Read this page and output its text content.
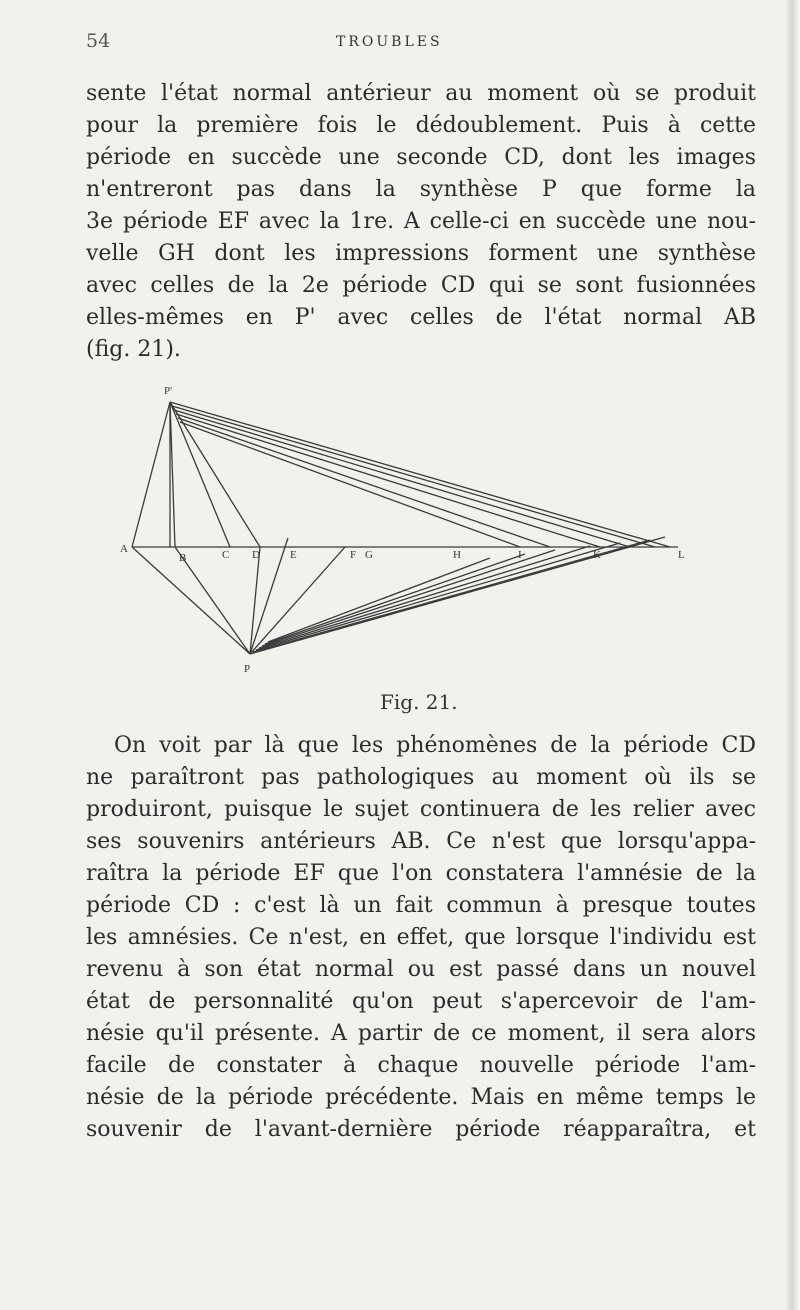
54	TROUBLES
sente l'état normal antérieur au moment où se produit
pour la première fois le dédoublement. Puis à cette
période en succède une seconde CD, dont les images
n'entreront pas dans la synthèse P que forme la
3e période EF avec la 1re. A celle-ci en succède une nou-
velle GH dont les impressions forment une synthèse
avec celles de la 2e période CD qui se sont fusionnées
elles-mêmes en P' avec celles de l'état normal AB
(fig. 21).
P'
A
B	C D	E	F G	H	I	K	L
P
Fig. 21.
On voit par là que les phénomènes de la période CD
ne paraîtront pas pathologiques au moment où ils se
produiront, puisque le sujet continuera de les relier avec
ses souvenirs antérieurs AB. Ce n'est que lorsqu'appa-
raîtra la période EF que l'on constatera l'amnésie de la
période CD : c'est là un fait commun à presque toutes
les amnésies. Ce n'est, en effet, que lorsque l'individu est
revenu à son état normal ou est passé dans un nouvel
état de personnalité qu'on peut s'apercevoir de l'am-
nésie qu'il présente. A partir de ce moment, il sera alors
facile de constater à chaque nouvelle période l'am-
nésie de la période précédente. Mais en même temps le
souvenir de l'avant-dernière période réapparaîtra, et
